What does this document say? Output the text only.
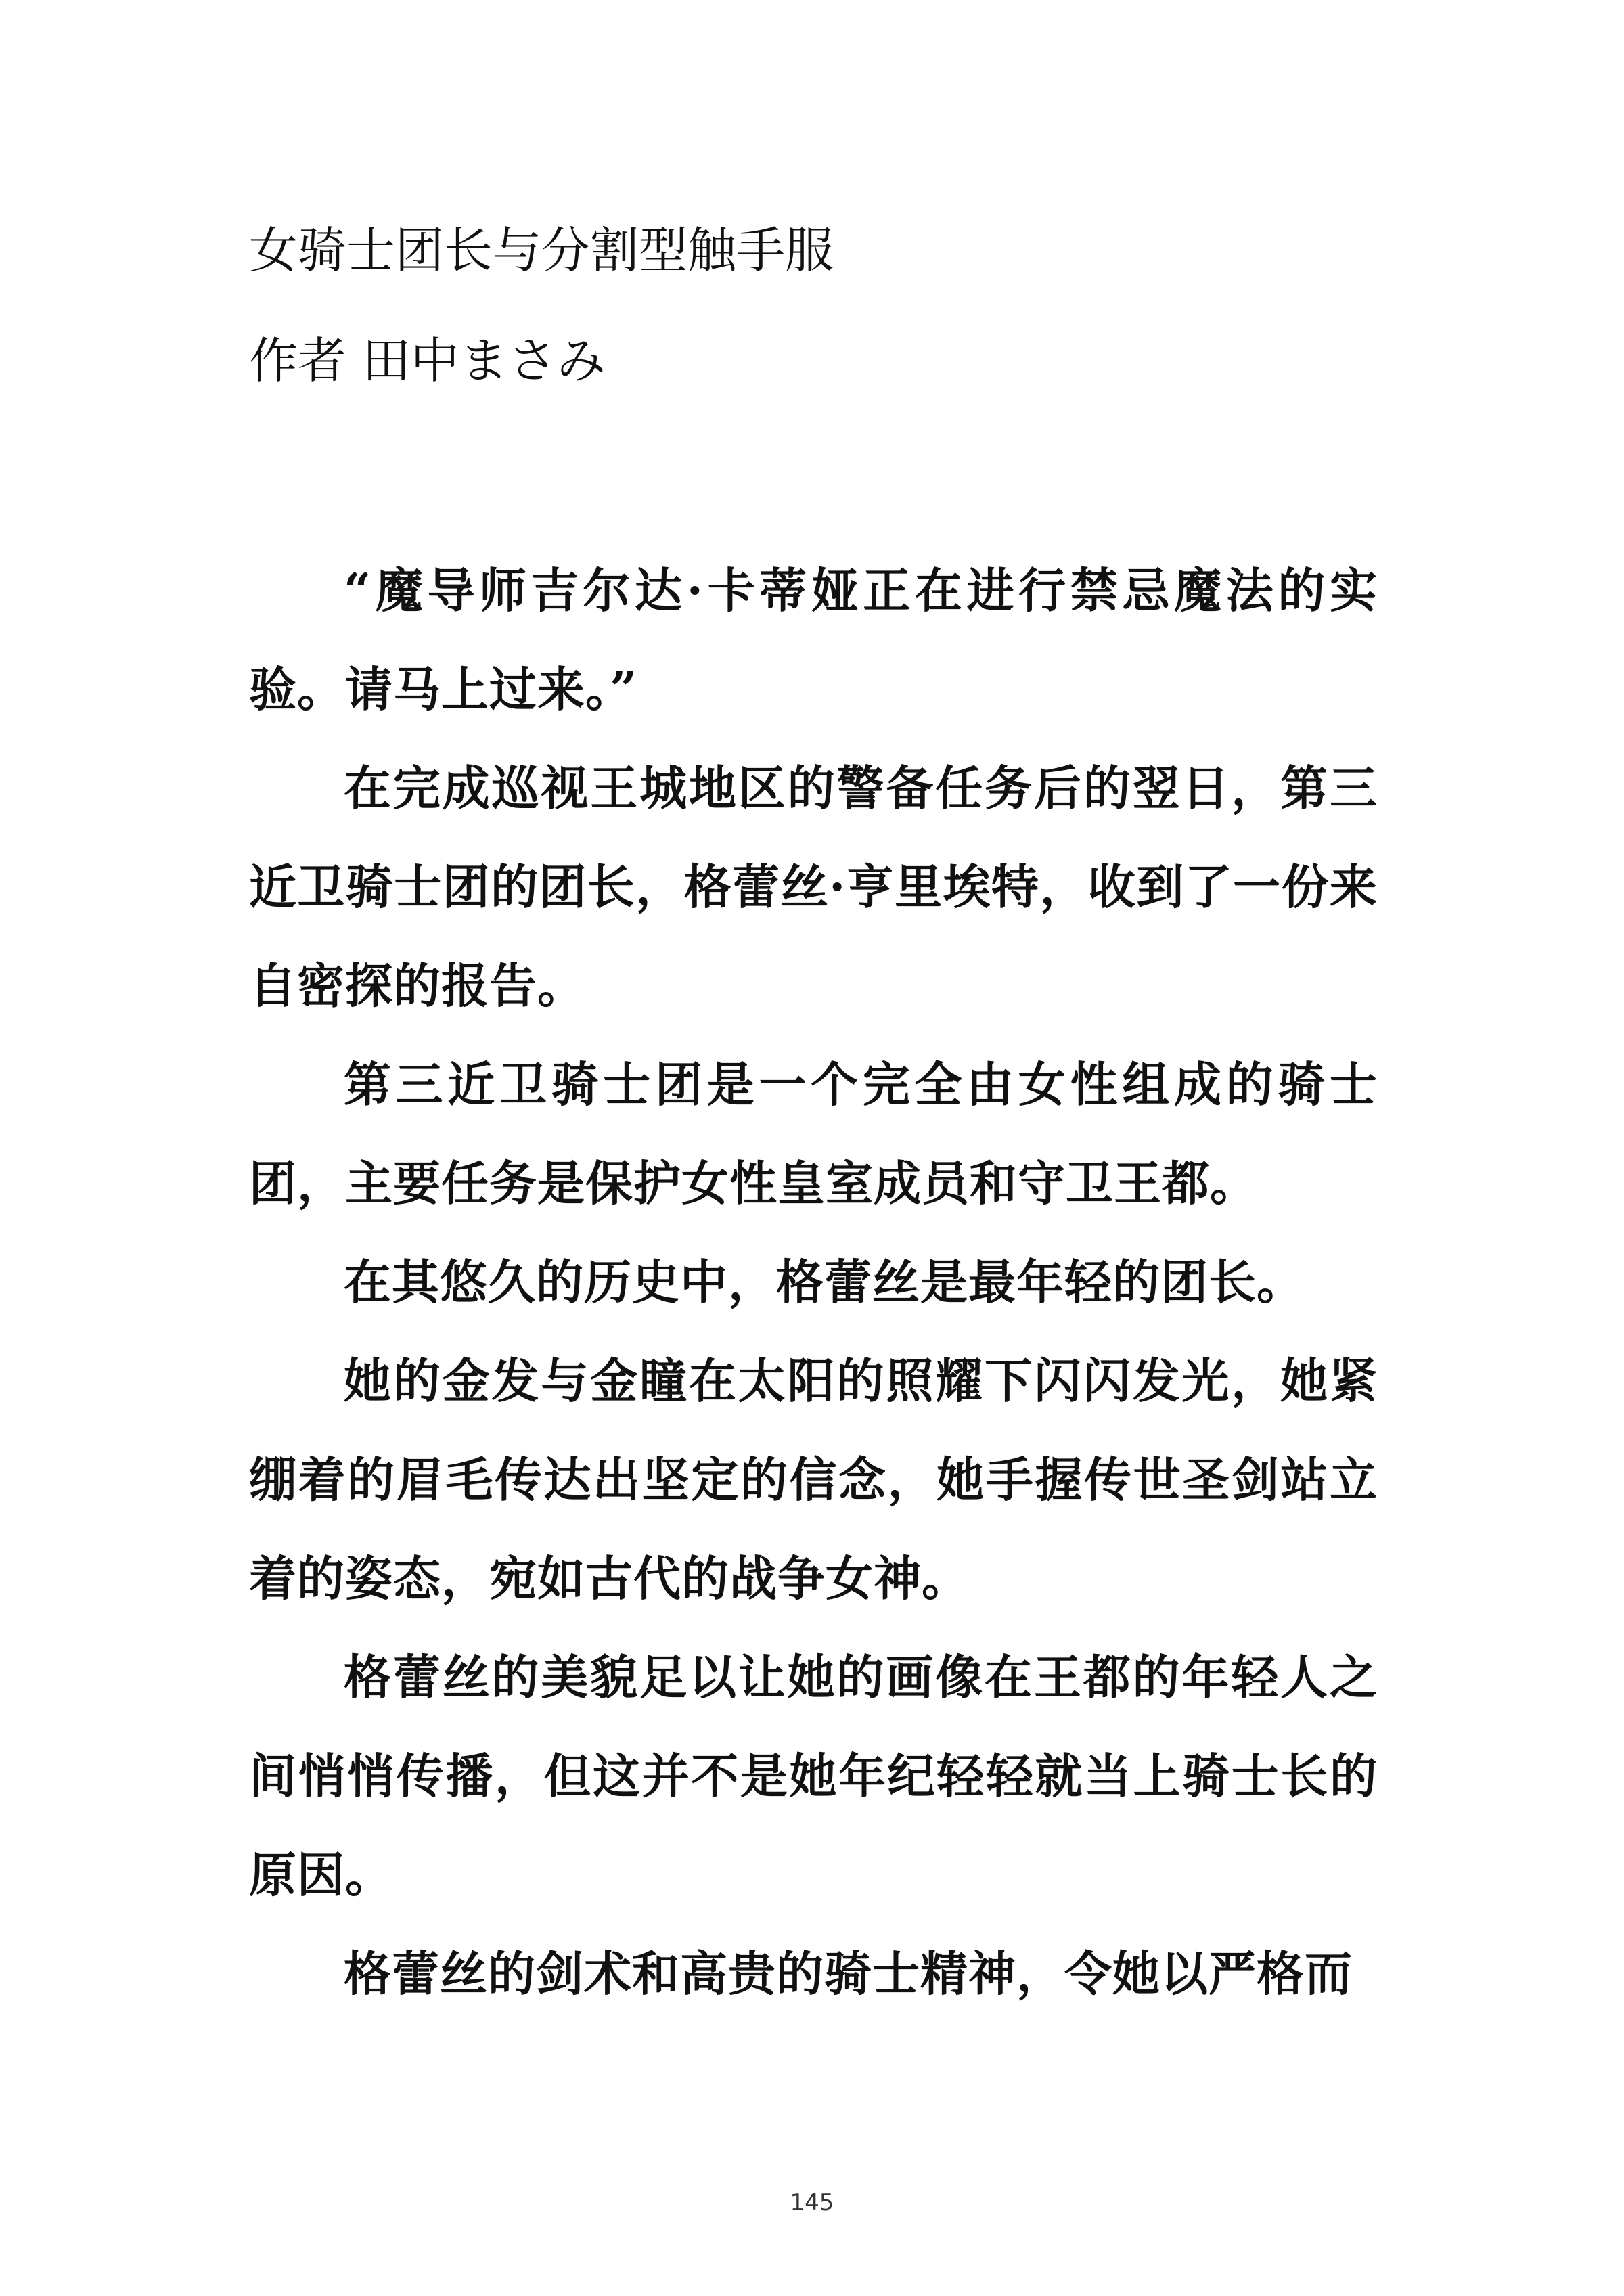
女骑士团长与分割型触手服
作者 田中まさみ

“魔导师吉尔达·卡蒂娅正在进行禁忌魔法的实验。请马上过来。”

在完成巡视王城地区的警备任务后的翌日，第三近卫骑士团的团长，格蕾丝·亨里埃特，收到了一份来自密探的报告。

第三近卫骑士团是一个完全由女性组成的骑士团，主要任务是保护女性皇室成员和守卫王都。

在其悠久的历史中，格蕾丝是最年轻的团长。

她的金发与金瞳在太阳的照耀下闪闪发光，她紧绷着的眉毛传达出坚定的信念，她手握传世圣剑站立着的姿态，宛如古代的战争女神。

格蕾丝的美貌足以让她的画像在王都的年轻人之间悄悄传播，但这并不是她年纪轻轻就当上骑士长的原因。

格蕾丝的剑术和高贵的骑士精神，令她以严格而

145
